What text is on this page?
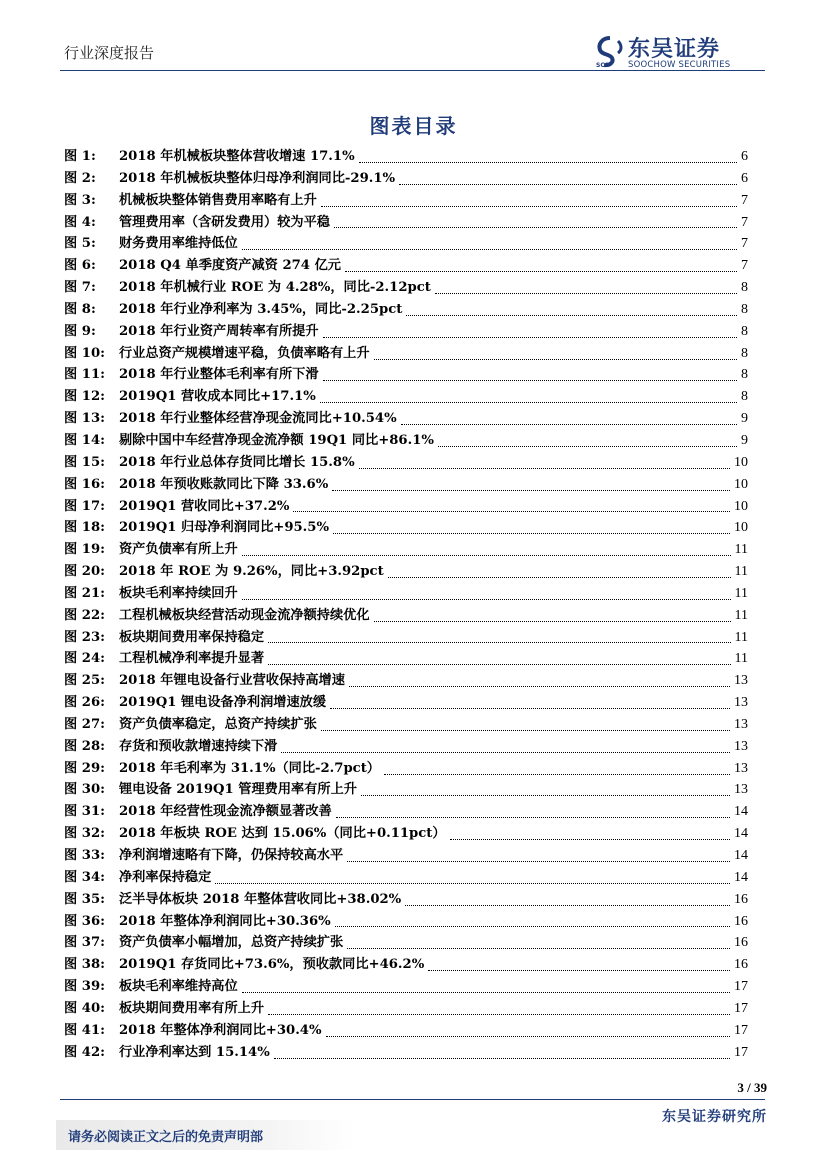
行业深度报告
SCS
东吴证券
SOOCHOW SECURITIES
图表目录
图 1:	2018 年机械板块整体营收增速 17.1%	6
图 2:	2018 年机械板块整体归母净利润同比-29.1%	6
图 3:	机械板块整体销售费用率略有上升	7
图 4:	管理费用率（含研发费用）较为平稳	7
图 5:	财务费用率维持低位	7
图 6:	2018 Q4 单季度资产减资 274 亿元	7
图 7:	2018 年机械行业 ROE 为 4.28%，同比-2.12pct	8
图 8:	2018 年行业净利率为 3.45%，同比-2.25pct	8
图 9:	2018 年行业资产周转率有所提升	8
图 10:	行业总资产规模增速平稳，负债率略有上升	8
图 11:	2018 年行业整体毛利率有所下滑	8
图 12:	2019Q1 营收成本同比+17.1%	8
图 13:	2018 年行业整体经营净现金流同比+10.54%	9
图 14:	剔除中国中车经营净现金流净额 19Q1 同比+86.1%	9
图 15:	2018 年行业总体存货同比增长 15.8%	10
图 16:	2018 年预收账款同比下降 33.6%	10
图 17:	2019Q1 营收同比+37.2%	10
图 18:	2019Q1 归母净利润同比+95.5%	10
图 19:	资产负债率有所上升	11
图 20:	2018 年 ROE 为 9.26%，同比+3.92pct	11
图 21:	板块毛利率持续回升	11
图 22:	工程机械板块经营活动现金流净额持续优化	11
图 23:	板块期间费用率保持稳定	11
图 24:	工程机械净利率提升显著	11
图 25:	2018 年锂电设备行业营收保持高增速	13
图 26:	2019Q1 锂电设备净利润增速放缓	13
图 27:	资产负债率稳定，总资产持续扩张	13
图 28:	存货和预收款增速持续下滑	13
图 29:	2018 年毛利率为 31.1%（同比-2.7pct）	13
图 30:	锂电设备 2019Q1 管理费用率有所上升	13
图 31:	2018 年经营性现金流净额显著改善	14
图 32:	2018 年板块 ROE 达到 15.06%（同比+0.11pct）	14
图 33:	净利润增速略有下降，仍保持较高水平	14
图 34:	净利率保持稳定	14
图 35:	泛半导体板块 2018 年整体营收同比+38.02%	16
图 36:	2018 年整体净利润同比+30.36%	16
图 37:	资产负债率小幅增加，总资产持续扩张	16
图 38:	2019Q1 存货同比+73.6%，预收款同比+46.2%	16
图 39:	板块毛利率维持高位	17
图 40:	板块期间费用率有所上升	17
图 41:	2018 年整体净利润同比+30.4%	17
图 42:	行业净利率达到 15.14%	17
3 / 39
东吴证券研究所
请务必阅读正文之后的免责声明部
